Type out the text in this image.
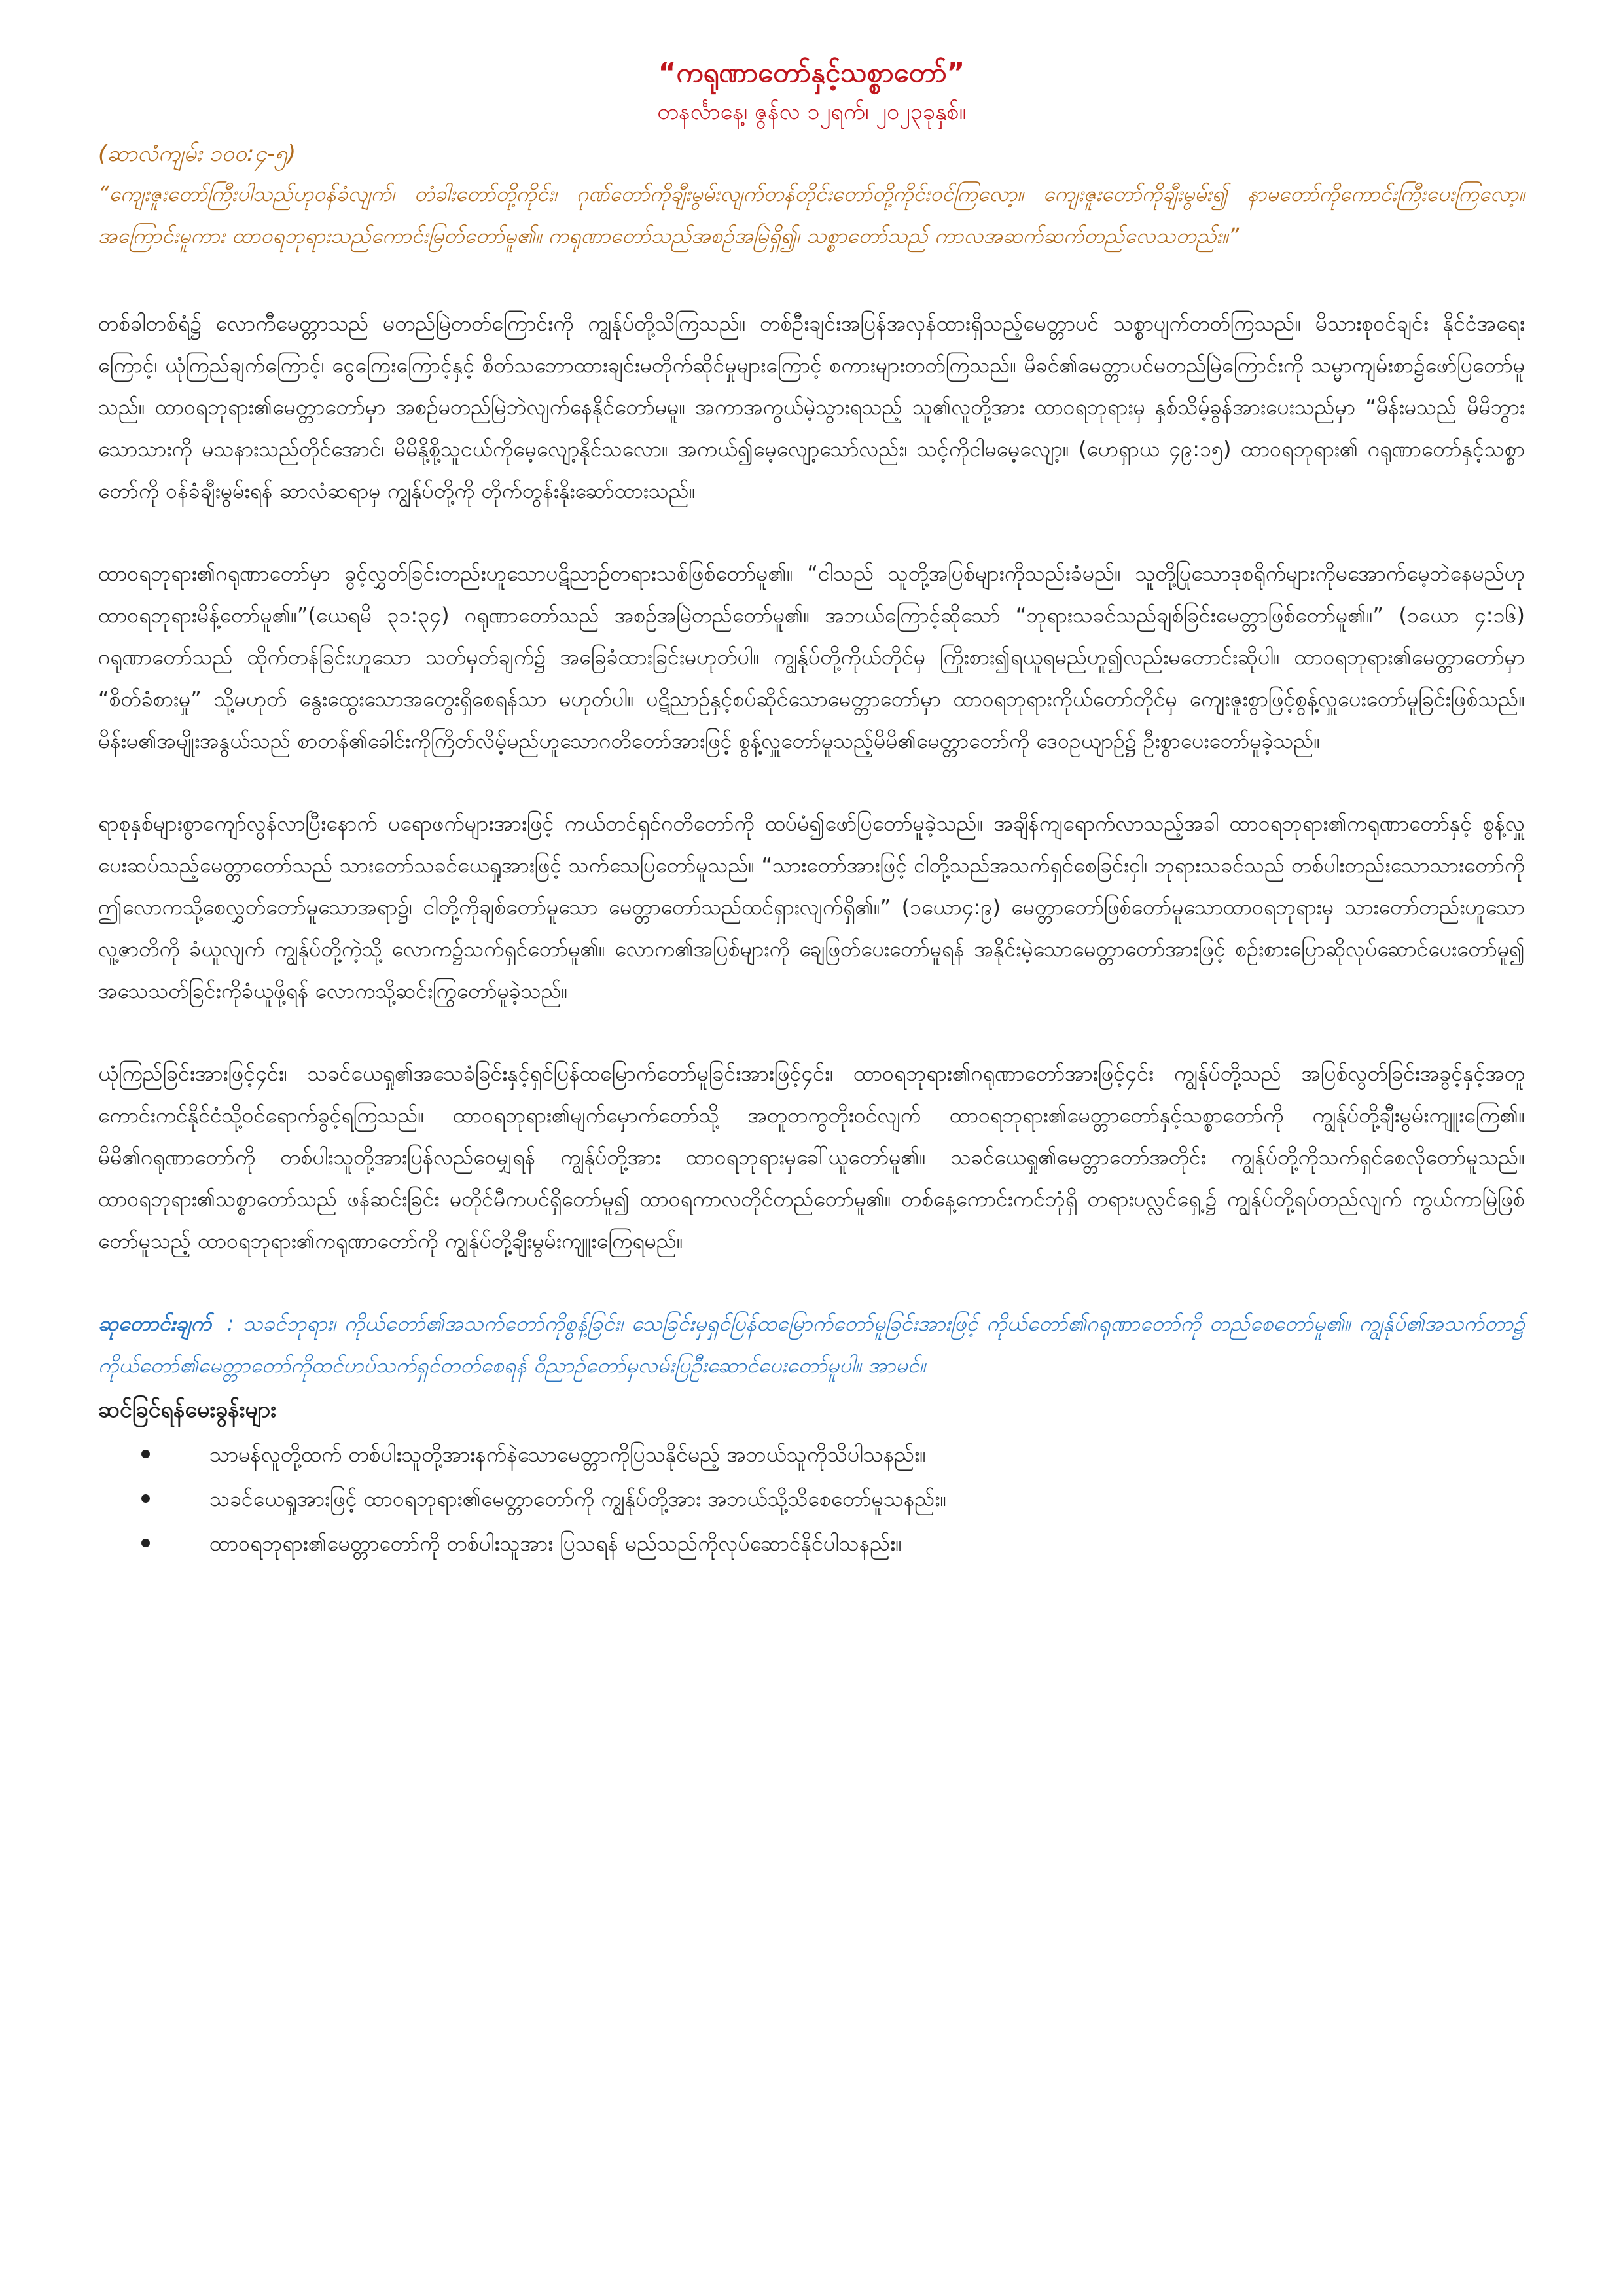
“ကရုဏာတော်နှင့်သစ္စာတော်”

တနင်္လာနေ့၊ ဇွန်လ ၁၂ရက်၊ ၂၀၂၃ခုနှစ်။

(ဆာလံကျမ်း ၁၀၀:၄-၅)

“ကျေးဇူးတော်ကြီးပါသည်ဟုဝန်ခံလျက်၊ တံခါးတော်တို့ကိုင်း၊ ဂုဏ်တော်ကိုချီးမွမ်းလျက်တန်တိုင်းတော်တို့ကိုင်းဝင်ကြလော့။ ကျေးဇူးတော်ကိုချီးမွမ်း၍ နာမတော်ကိုကောင်းကြီးပေးကြလော့။ အကြောင်းမူကား ထာဝရဘုရားသည်ကောင်းမြတ်တော်မူ၏။ ကရုဏာတော်သည်အစဉ်အမြဲရှိ၍၊ သစ္စာတော်သည် ကာလအဆက်ဆက်တည်လေသတည်း။”

တစ်ခါတစ်ရံ၌ လောကီမေတ္တာသည် မတည်မြဲတတ်ကြောင်းကို ကျွန်ုပ်တို့သိကြသည်။ တစ်ဦးချင်းအပြန်အလှန်ထားရှိသည့်မေတ္တာပင် သစ္စာပျက်တတ်ကြသည်။ မိသားစုဝင်ချင်း နိုင်ငံအရေးကြောင့်၊ ယုံကြည်ချက်ကြောင့်၊ ငွေကြေးကြောင့်နှင့် စိတ်သဘောထားချင်းမတိုက်ဆိုင်မှုများကြောင့် စကားများတတ်ကြသည်။ မိခင်၏မေတ္တာပင်မတည်မြဲကြောင်းကို သမ္မာကျမ်းစာ၌ဖော်ပြတော်မူသည်။ ထာဝရဘုရား၏မေတ္တာတော်မှာ အစဉ်မတည်မြဲဘဲလျက်နေနိုင်တော်မမူ။ အကာအကွယ်မဲ့သွားရသည့် သူ၏လူတို့အား ထာဝရဘုရားမှ နှစ်သိမ့်ခွန်အားပေးသည်မှာ “မိန်းမသည် မိမိဘွားသောသားကို မသနားသည်တိုင်အောင်၊ မိမိနို့စို့သူငယ်ကိုမေ့လျော့နိုင်သလော။ အကယ်၍မေ့လျော့သော်လည်း၊ သင့်ကိုငါမမေ့လျော့။ (ဟေရှာယ ၄၉:၁၅) ထာဝရဘုရား၏ ဂရုဏာတော်နှင့်သစ္စာတော်ကို ဝန်ခံချီးမွမ်းရန် ဆာလံဆရာမှ ကျွန်ုပ်တို့ကို တိုက်တွန်းနိုးဆော်ထားသည်။

ထာဝရဘုရား၏ဂရုဏာတော်မှာ ခွင့်လွှတ်ခြင်းတည်းဟူသောပဋိညာဉ်တရားသစ်ဖြစ်တော်မူ၏။ “ငါသည် သူတို့အပြစ်များကိုသည်းခံမည်။ သူတို့ပြုသောဒုစရိုက်များကိုမအောက်မေ့ဘဲနေမည်ဟု ထာဝရဘုရားမိန့်တော်မူ၏။”(ယေရမိ ၃၁:၃၄) ဂရုဏာတော်သည် အစဉ်အမြဲတည်တော်မူ၏။ အဘယ်ကြောင့်ဆိုသော် “ဘုရားသခင်သည်ချစ်ခြင်းမေတ္တာဖြစ်တော်မူ၏။” (၁ယော ၄:၁၆) ဂရုဏာတော်သည် ထိုက်တန်ခြင်းဟူသော သတ်မှတ်ချက်၌ အခြေခံထားခြင်းမဟုတ်ပါ။ ကျွန်ုပ်တို့ကိုယ်တိုင်မှ ကြိုးစား၍ရယူရမည်ဟူ၍လည်းမတောင်းဆိုပါ။ ထာဝရဘုရား၏မေတ္တာတော်မှာ “စိတ်ခံစားမှု” သို့မဟုတ် နွေးထွေးသောအတွေးရှိစေရန်သာ မဟုတ်ပါ။ ပဋိညာဉ်နှင့်စပ်ဆိုင်သောမေတ္တာတော်မှာ ထာဝရဘုရားကိုယ်တော်တိုင်မှ ကျေးဇူးစွာဖြင့်စွန့်လှူပေးတော်မူခြင်းဖြစ်သည်။ မိန်းမ၏အမျိုးအနွယ်သည် စာတန်၏ခေါင်းကိုကြိတ်လိမ့်မည်ဟူသောဂတိတော်အားဖြင့် စွန့်လှူတော်မူသည့်မိမိ၏မေတ္တာတော်ကို ဒေဝဥယျာဉ်၌ ဦးစွာပေးတော်မူခဲ့သည်။

ရာစုနှစ်များစွာကျော်လွန်လာပြီးနောက် ပရောဖက်များအားဖြင့် ကယ်တင်ရှင်ဂတိတော်ကို ထပ်မံ၍ဖော်ပြတော်မူခဲ့သည်။ အချိန်ကျရောက်လာသည့်အခါ ထာဝရဘုရား၏ကရုဏာတော်နှင့် စွန့်လှူပေးဆပ်သည့်မေတ္တာတော်သည် သားတော်သခင်ယေရှုအားဖြင့် သက်သေပြတော်မူသည်။ “သားတော်အားဖြင့် ငါတို့သည်အသက်ရှင်စေခြင်းငှါ၊ ဘုရားသခင်သည် တစ်ပါးတည်းသောသားတော်ကို ဤလောကသို့စေလွှတ်တော်မူသောအရာ၌၊ ငါတို့ကိုချစ်တော်မူသော မေတ္တာတော်သည်ထင်ရှားလျက်ရှိ၏။” (၁ယော၄:၉) မေတ္တာတော်ဖြစ်တော်မူသောထာဝရဘုရားမှ သားတော်တည်းဟူသော လူ့ဇာတိကို ခံယူလျက် ကျွန်ုပ်တို့ကဲ့သို့ လောက၌သက်ရှင်တော်မူ၏။ လောက၏အပြစ်များကို ချေဖြတ်ပေးတော်မူရန် အနိုင်းမဲ့သောမေတ္တာတော်အားဖြင့် စဉ်းစားပြောဆိုလုပ်ဆောင်ပေးတော်မူ၍ အသေသတ်ခြင်းကိုခံယူဖို့ရန် လောကသို့ဆင်းကြွတော်မူခဲ့သည်။

ယုံကြည်ခြင်းအားဖြင့်၄င်း၊ သခင်ယေရှု၏အသေခံခြင်းနှင့်ရှင်ပြန်ထမြောက်တော်မူခြင်းအားဖြင့်၄င်း၊ ထာဝရဘုရား၏ဂရုဏာတော်အားဖြင့်၄င်း ကျွန်ုပ်တို့သည် အပြစ်လွတ်ခြင်းအခွင့်နှင့်အတူ ကောင်းကင်နိုင်ငံသို့ဝင်ရောက်ခွင့်ရကြသည်။ ထာဝရဘုရား၏မျက်မှောက်တော်သို့ အတူတကွတိုးဝင်လျက် ထာဝရဘုရား၏မေတ္တာတော်နှင့်သစ္စာတော်ကို ကျွန်ုပ်တို့ချီးမွမ်းကျူးကြေ၏။ မိမိ၏ဂရုဏာတော်ကို တစ်ပါးသူတို့အားပြန်လည်ဝေမျှရန် ကျွန်ုပ်တို့အား ထာဝရဘုရားမှခေါ်ယူတော်မူ၏။ သခင်ယေရှု၏မေတ္တာတော်အတိုင်း ကျွန်ုပ်တို့ကိုသက်ရှင်စေလိုတော်မူသည်။ ထာဝရဘုရား၏သစ္စာတော်သည် ဖန်ဆင်းခြင်း မတိုင်မီကပင်ရှိတော်မူ၍ ထာဝရကာလတိုင်တည်တော်မူ၏။ တစ်နေ့ကောင်းကင်ဘုံရှိ တရားပလ္လင်ရှေ့၌ ကျွန်ုပ်တို့ရပ်တည်လျက် ကွယ်ကာမြဲဖြစ်တော်မူသည့် ထာဝရဘုရား၏ကရုဏာတော်ကို ကျွန်ုပ်တို့ချီးမွမ်းကျူးကြေရမည်။

ဆုတောင်းချက် : သခင်ဘုရား၊ ကိုယ်တော်၏အသက်တော်ကိုစွန့်ခြင်း၊ သေခြင်းမှရှင်ပြန်ထမြောက်တော်မူခြင်းအားဖြင့် ကိုယ်တော်၏ဂရုဏာတော်ကို တည်စေတော်မူ၏။ ကျွန်ုပ်၏အသက်တာ၌ ကိုယ်တော်၏မေတ္တာတော်ကိုထင်ဟပ်သက်ရှင်တတ်စေရန် ဝိညာဉ်တော်မှလမ်းပြဦးဆောင်ပေးတော်မူပါ။ အာမင်။

ဆင်ခြင်ရန်မေးခွန်းများ

သာမန်လူတို့ထက် တစ်ပါးသူတို့အားနက်နဲသောမေတ္တာကိုပြသနိုင်မည့် အဘယ်သူကိုသိပါသနည်း။
သခင်ယေရှုအားဖြင့် ထာဝရဘုရား၏မေတ္တာတော်ကို ကျွန်ုပ်တို့အား အဘယ်သို့သိစေတော်မူသနည်း။
ထာဝရဘုရား၏မေတ္တာတော်ကို တစ်ပါးသူအား ပြသရန် မည်သည်ကိုလုပ်ဆောင်နိုင်ပါသနည်း။
